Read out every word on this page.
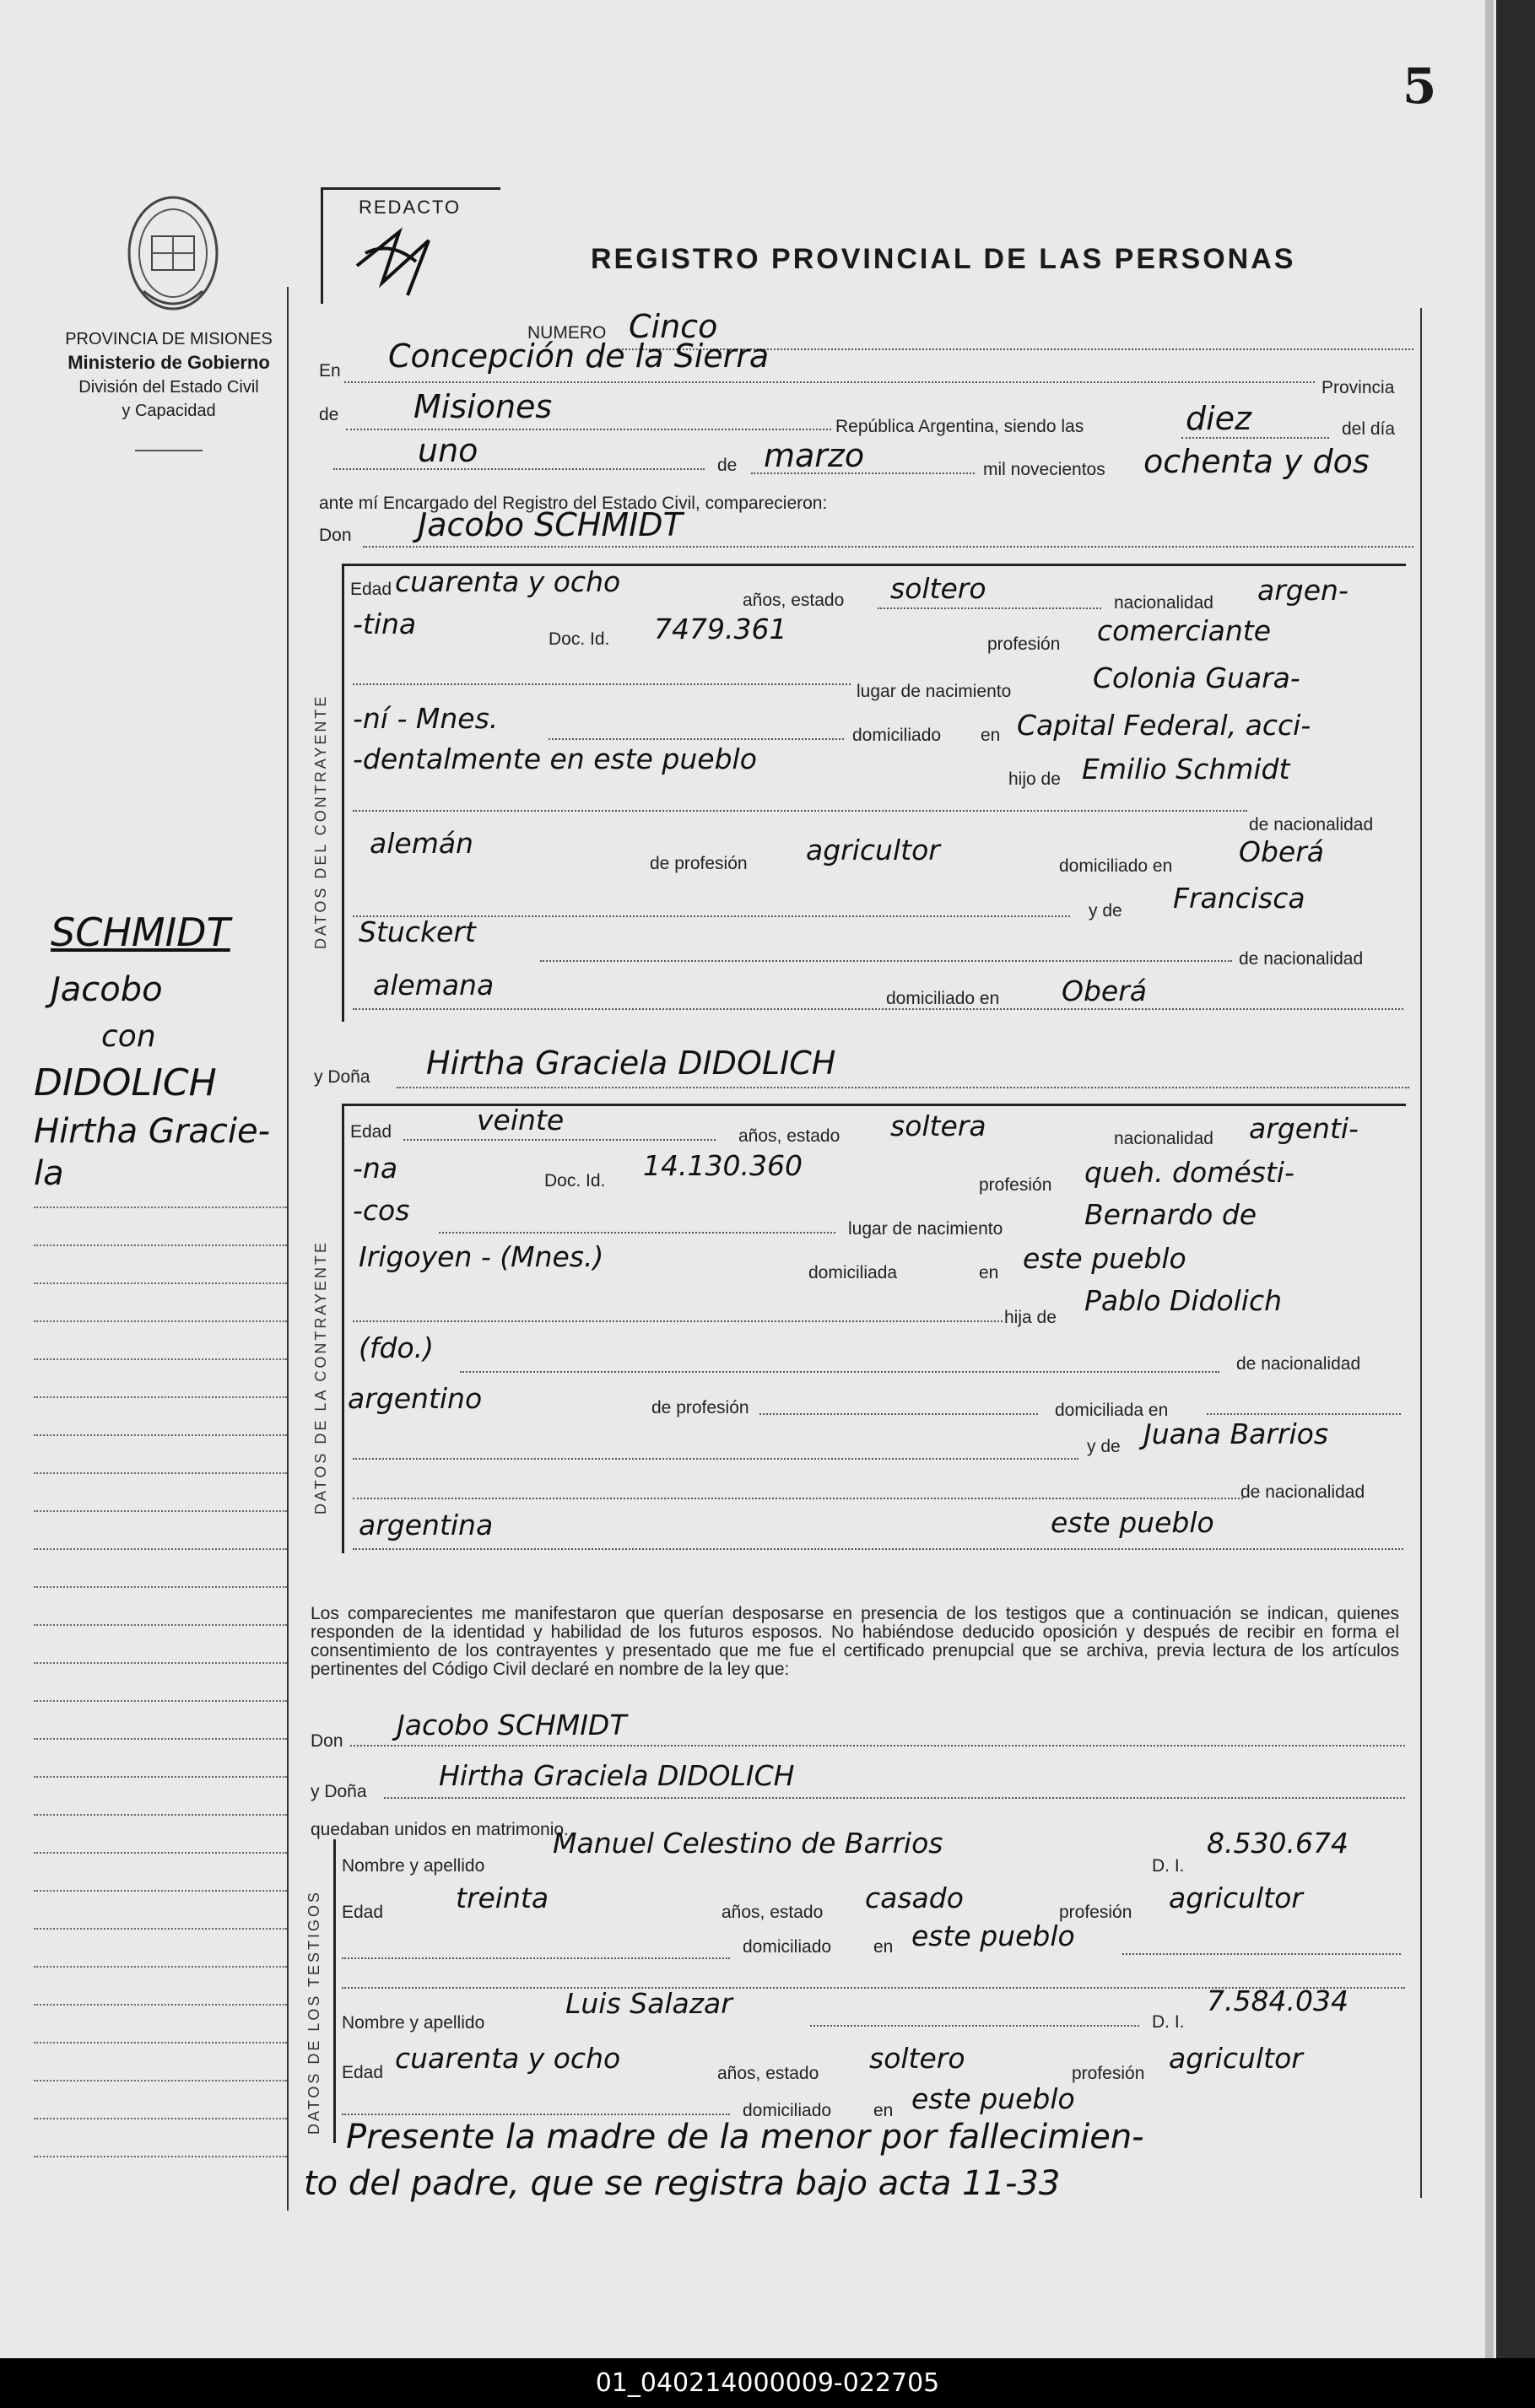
5
PROVINCIA DE MISIONES
Ministerio de Gobierno
División del Estado Civil
y Capacidad
REDACTO
REGISTRO PROVINCIAL DE LAS PERSONAS
SCHMIDT
Jacobo
con
DIDOLICH
Hirtha Gracie-
la
NUMERO Cinco
En Concepción de la Sierra
Provincia
de Misiones
República Argentina, siendo las	diez	del día
uno	de marzo	mil novecientos ochenta y dos
ante mí Encargado del Registro del Estado Civil, comparecieron:
Don Jacobo SCHMIDT
DATOS DEL CONTRAYENTE
Edad cuarenta y ocho
años, estado soltero	nacionalidad argen-
-tina	Doc. Id. 7479.361	profesión comerciante
lugar de nacimiento	Colonia Guara-
-ní - Mnes.
domiciliado en Capital Federal, acci-
-dentalmente en este pueblo
hijo de Emilio Schmidt
de nacionalidad
alemán
de profesión agricultor	domiciliado en Oberá
y de Francisca
Stuckert
de nacionalidad
alemana	domiciliado en Oberá
y Doña Hirtha Graciela DIDOLICH
DATOS DE LA CONTRAYENTE
Edad	veinte	años, estado soltera	nacionalidad argenti-
-na	Doc. Id. 14.130.360
profesión queh. domésti-
-cos
lugar de nacimiento	Bernardo de
Irigoyen - (Mnes.)	domiciliada	en este pueblo
hija de
Pablo Didolich
(fdo.)	de nacionalidad
argentino	de profesión	domiciliada en
y de Juana Barrios
de nacionalidad
argentina	este pueblo
Los comparecientes me manifestaron que querían desposarse en presencia de los testigos que a continuación se indican, quienes responden de la identidad y habilidad de los futuros esposos. No habiéndose deducido oposición y después de recibir en forma el consentimiento de los contrayentes y presentado que me fue el certificado prenupcial que se archiva, previa lectura de los artículos pertinentes del Código Civil declaré en nombre de la ley que:
Don Jacobo SCHMIDT
y Doña	Hirtha Graciela DIDOLICH
quedaban unidos en matrimonio.
DATOS DE LOS TESTIGOS
Nombre y apellido
Manuel Celestino de Barrios
D. I.
8.530.674
Edad	treinta	años, estado casado	profesión agricultor
domiciliado en este pueblo
Nombre y apellido
Luis Salazar
D. I.
7.584.034
Edad cuarenta y ocho	años, estado soltero	profesión agricultor
domiciliado en este pueblo
Presente la madre de la menor por fallecimien-
to del padre, que se registra bajo acta 11-33
01_040214000009-022705
